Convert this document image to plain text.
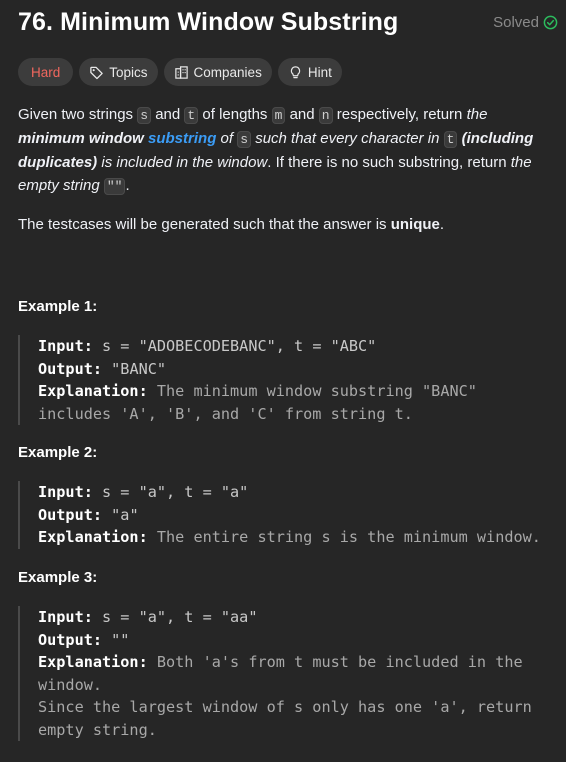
76. Minimum Window Substring	Solved
Hard	Topics	Companies	Hint
Given two strings s and t of lengths m and n respectively, return the minimum window substring of s such that every character in t (including duplicates) is included in the window. If there is no such substring, return the empty string "" .
The testcases will be generated such that the answer is unique.
Example 1:
Input: s = "ADOBECODEBANC", t = "ABC"
Output: "BANC"
Explanation: The minimum window substring "BANC"
includes 'A', 'B', and 'C' from string t.
Example 2:
Input: s = "a", t = "a"
Output: "a"
Explanation: The entire string s is the minimum window.
Example 3:
Input: s = "a", t = "aa"
Output: ""
Explanation: Both 'a's from t must be included in the
window.
Since the largest window of s only has one 'a', return
empty string.
